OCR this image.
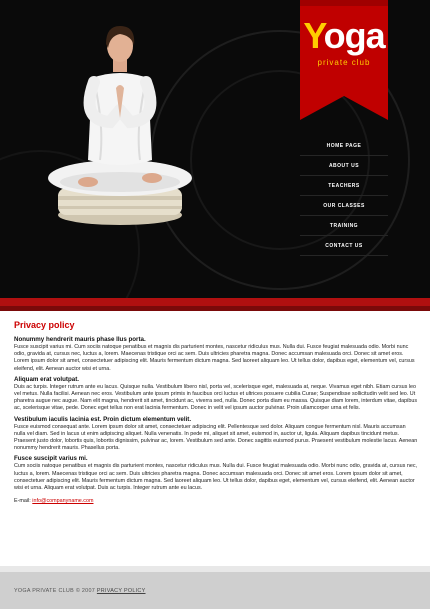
Yoga
private club
HOME PAGE
ABOUT US
TEACHERS
OUR CLASSES
TRAINING
CONTACT US
Privacy policy
Nonummy hendrerit mauris phase llus porta.

Fusce suscipit varius mi. Cum sociis natoque penatibus et magnis dis parturient montes, nascetur ridiculus mus. Nulla dui. Fusce feugiat malesuada odio. Morbi nunc odio, gravida at, cursus nec, luctus a, lorem. Maecenas tristique orci ac sem. Duis ultricies pharetra magna. Donec accumsan malesuada orci. Donec sit amet eros. Lorem ipsum dolor sit amet, consectetuer adipiscing elit. Mauris fermentum dictum magna. Sed laoreet aliquam leo. Ut tellus dolor, dapibus eget, elementum vel, cursus eleifend, elit. Aenean auctor wisi et urna.

Aliquam erat volutpat.

Duis ac turpis. Integer rutrum ante eu lacus. Quisque nulla. Vestibulum libero nisl, porta vel, scelerisque eget, malesuada at, neque. Vivamus eget nibh. Etiam cursus leo vel metus. Nulla facilisi. Aenean nec eros. Vestibulum ante ipsum primis in faucibus orci luctus et ultrices posuere cubilia Curae; Suspendisse sollicitudin velit sed leo. Ut pharetra augue nec augue. Nam elit magna, hendrerit sit amet, tincidunt ac, viverra sed, nulla. Donec porta diam eu massa. Quisque diam lorem, interdum vitae, dapibus ac, scelerisque vitae, pede. Donec eget tellus non erat lacinia fermentum. Donec in velit vel ipsum auctor pulvinar. Proin ullamcorper urna et felis.

Vestibulum iaculis lacinia est. Proin dictum elementum velit.

Fusce euismod consequat ante. Lorem ipsum dolor sit amet, consectetuer adipiscing elit. Pellentesque sed dolor. Aliquam congue fermentum nisl. Mauris accumsan nulla vel diam. Sed in lacus ut enim adipiscing aliquet. Nulla venenatis. In pede mi, aliquet sit amet, euismod in, auctor ut, ligula. Aliquam dapibus tincidunt metus. Praesent justo dolor, lobortis quis, lobortis dignissim, pulvinar ac, lorem. Vestibulum sed ante. Donec sagittis euismod purus. Praesent vestibulum molestie lacus. Aenean nonummy hendrerit mauris. Phasellus porta.

Fusce suscipit varius mi.

Cum sociis natoque penatibus et magnis dis parturient montes, nascetur ridiculus mus. Nulla dui. Fusce feugiat malesuada odio. Morbi nunc odio, gravida at, cursus nec, luctus a, lorem. Maecenas tristique orci ac sem. Duis ultricies pharetra magna. Donec accumsan malesuada orci. Donec sit amet eros. Lorem ipsum dolor sit amet, consectetuer adipiscing elit. Mauris fermentum dictum magna. Sed laoreet aliquam leo. Ut tellus dolor, dapibus eget, elementum vel, cursus eleifend, elit. Aenean auctor wisi et urna. Aliquam erat volutpat. Duis ac turpis. Integer rutrum ante eu lacus.

E-mail: info@companyname.com
YOGA PRIVATE CLUB © 2007 PRIVACY POLICY
